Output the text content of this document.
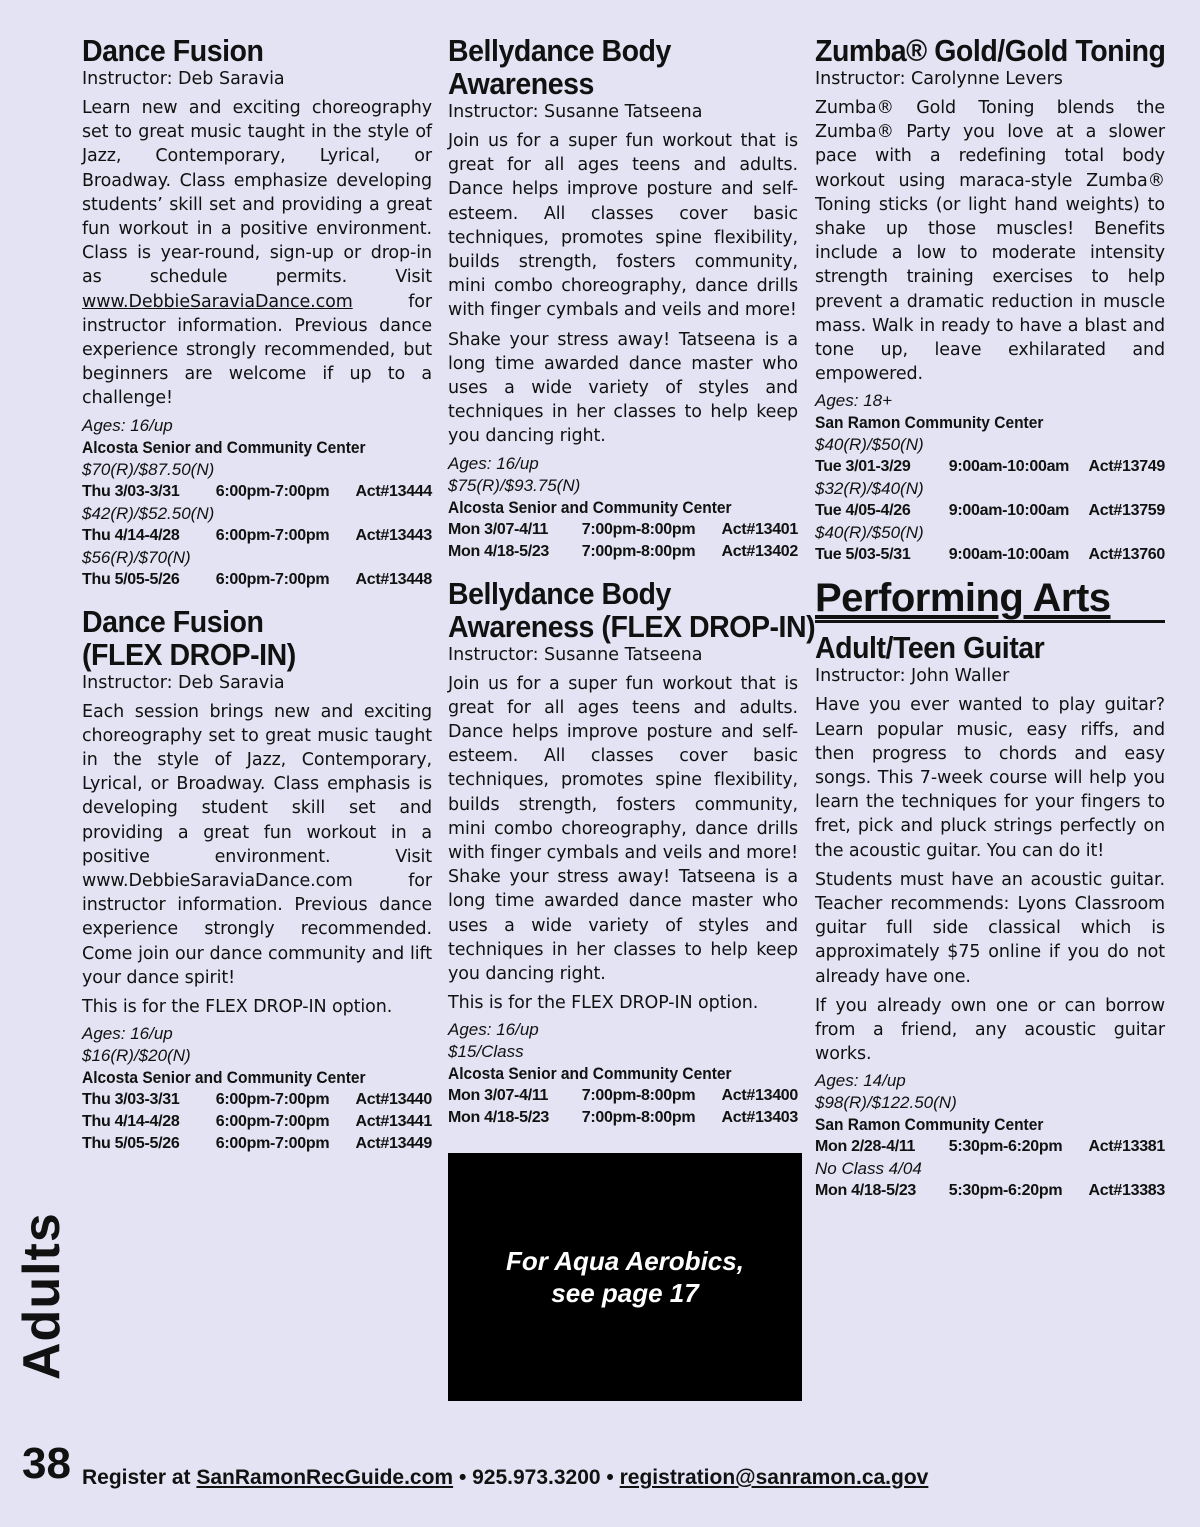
Dance Fusion
Instructor: Deb Saravia

Learn new and exciting choreography set to great music taught in the style of Jazz, Contemporary, Lyrical, or Broadway. Class emphasize developing students’ skill set and providing a great fun workout in a positive environment. Class is year-round, sign-up or drop-in as schedule permits. Visit www.DebbieSaraviaDance.com for instructor information. Previous dance experience strongly recommended, but beginners are welcome if up to a challenge!

Ages: 16/up
Alcosta Senior and Community Center
$70(R)/$87.50(N)
Thu 3/03-3/31	6:00pm-7:00pm	Act#13444
$42(R)/$52.50(N)
Thu 4/14-4/28	6:00pm-7:00pm	Act#13443
$56(R)/$70(N)
Thu 5/05-5/26	6:00pm-7:00pm	Act#13448
Dance Fusion
(FLEX DROP-IN)
Instructor: Deb Saravia

Each session brings new and exciting choreography set to great music taught in the style of Jazz, Contemporary, Lyrical, or Broadway. Class emphasis is developing student skill set and providing a great fun workout in a positive environment. Visit www.DebbieSaraviaDance.com for instructor information. Previous dance experience strongly recommended. Come join our dance community and lift your dance spirit!

This is for the FLEX DROP-IN option.

Ages: 16/up
$16(R)/$20(N)
Alcosta Senior and Community Center
Thu 3/03-3/31	6:00pm-7:00pm	Act#13440
Thu 4/14-4/28	6:00pm-7:00pm	Act#13441
Thu 5/05-5/26	6:00pm-7:00pm	Act#13449
Bellydance Body
Awareness
Instructor: Susanne Tatseena

Join us for a super fun workout that is great for all ages teens and adults. Dance helps improve posture and self-esteem. All classes cover basic techniques, promotes spine flexibility, builds strength, fosters community, mini combo choreography, dance drills with finger cymbals and veils and more!

Shake your stress away! Tatseena is a long time awarded dance master who uses a wide variety of styles and techniques in her classes to help keep you dancing right.

Ages: 16/up
$75(R)/$93.75(N)
Alcosta Senior and Community Center
Mon 3/07-4/11	7:00pm-8:00pm	Act#13401
Mon 4/18-5/23	7:00pm-8:00pm	Act#13402
Bellydance Body
Awareness (FLEX DROP-IN)
Instructor: Susanne Tatseena

Join us for a super fun workout that is great for all ages teens and adults. Dance helps improve posture and self-esteem. All classes cover basic techniques, promotes spine flexibility, builds strength, fosters community, mini combo choreography, dance drills with finger cymbals and veils and more! Shake your stress away! Tatseena is a long time awarded dance master who uses a wide variety of styles and techniques in her classes to help keep you dancing right.

This is for the FLEX DROP-IN option.

Ages: 16/up
$15/Class
Alcosta Senior and Community Center
Mon 3/07-4/11	7:00pm-8:00pm	Act#13400
Mon 4/18-5/23	7:00pm-8:00pm	Act#13403
For Aqua Aerobics,
see page 17
Zumba® Gold/Gold Toning
Instructor: Carolynne Levers

Zumba® Gold Toning blends the Zumba® Party you love at a slower pace with a redefining total body workout using maraca-style Zumba® Toning sticks (or light hand weights) to shake up those muscles! Benefits include a low to moderate intensity strength training exercises to help prevent a dramatic reduction in muscle mass. Walk in ready to have a blast and tone up, leave exhilarated and empowered.

Ages: 18+
San Ramon Community Center
$40(R)/$50(N)
Tue 3/01-3/29	9:00am-10:00am	Act#13749
$32(R)/$40(N)
Tue 4/05-4/26	9:00am-10:00am	Act#13759
$40(R)/$50(N)
Tue 5/03-5/31	9:00am-10:00am	Act#13760
Performing Arts
Adult/Teen Guitar
Instructor: John Waller

Have you ever wanted to play guitar? Learn popular music, easy riffs, and then progress to chords and easy songs. This 7-week course will help you learn the techniques for your fingers to fret, pick and pluck strings perfectly on the acoustic guitar. You can do it!

Students must have an acoustic guitar. Teacher recommends: Lyons Classroom guitar full side classical which is approximately $75 online if you do not already have one.

If you already own one or can borrow from a friend, any acoustic guitar works.

Ages: 14/up
$98(R)/$122.50(N)
San Ramon Community Center
Mon 2/28-4/11	5:30pm-6:20pm	Act#13381
No Class 4/04
Mon 4/18-5/23	5:30pm-6:20pm	Act#13383
Adults
38 Register at SanRamonRecGuide.com • 925.973.3200 • registration@sanramon.ca.gov
